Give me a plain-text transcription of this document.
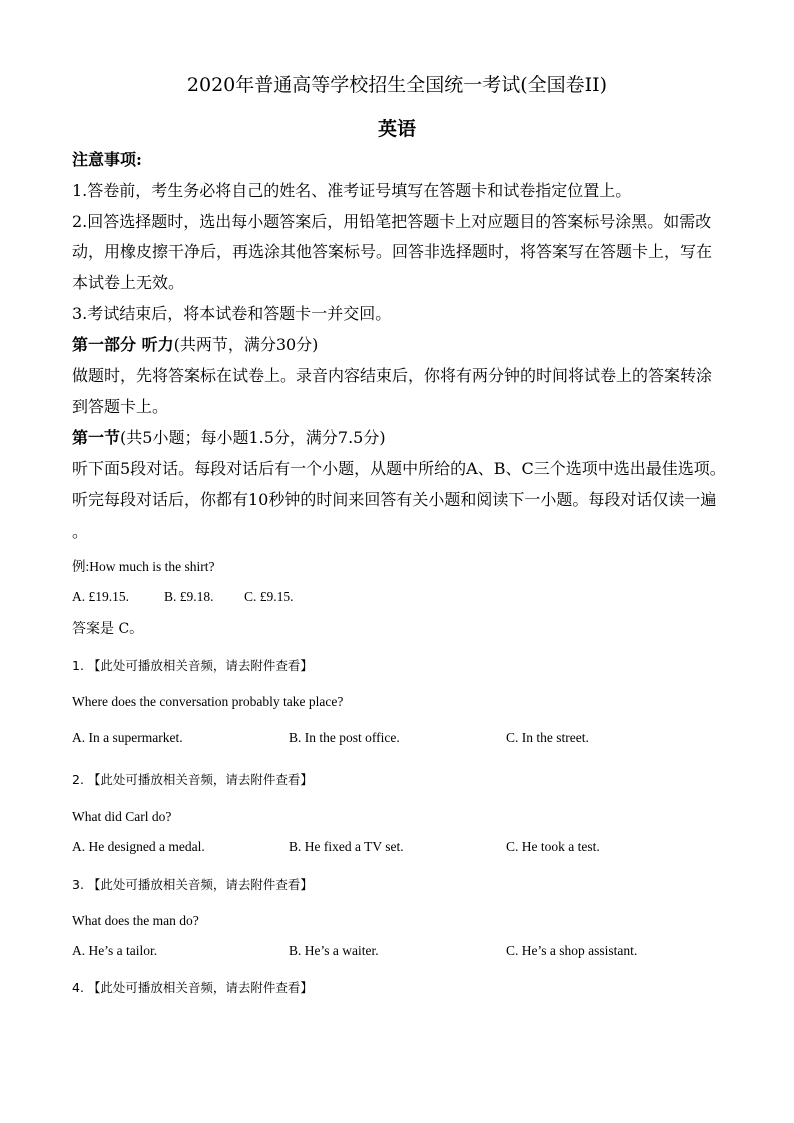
2020年普通高等学校招生全国统一考试(全国卷II)
英语
注意事项:
1.答卷前，考生务必将自己的姓名、准考证号填写在答题卡和试卷指定位置上。
2.回答选择题时，选出每小题答案后，用铅笔把答题卡上对应题目的答案标号涂黑。如需改
动，用橡皮擦干净后，再选涂其他答案标号。回答非选择题时，将答案写在答题卡上，写在
本试卷上无效。
3.考试结束后，将本试卷和答题卡一并交回。
第一部分 听力(共两节，满分30分)
做题时，先将答案标在试卷上。录音内容结束后，你将有两分钟的时间将试卷上的答案转涂
到答题卡上。
第一节(共5小题；每小题1.5分，满分7.5分)
听下面5段对话。每段对话后有一个小题，从题中所给的A、B、C三个选项中选出最佳选项。
听完每段对话后，你都有10秒钟的时间来回答有关小题和阅读下一小题。每段对话仅读一遍
。
例:How much is the shirt?
A. £19.15.	B. £9.18. C. £9.15.
答案是 C。
1. 【此处可播放相关音频，请去附件查看】
Where does the conversation probably take place?
A. In a supermarket.	B. In the post office.	C. In the street.
2. 【此处可播放相关音频，请去附件查看】
What did Carl do?
A. He designed a medal.	B. He fixed a TV set.	C. He took a test.
3. 【此处可播放相关音频，请去附件查看】
What does the man do?
A. He’s a tailor.	B. He’s a waiter.	C. He’s a shop assistant.
4. 【此处可播放相关音频，请去附件查看】
